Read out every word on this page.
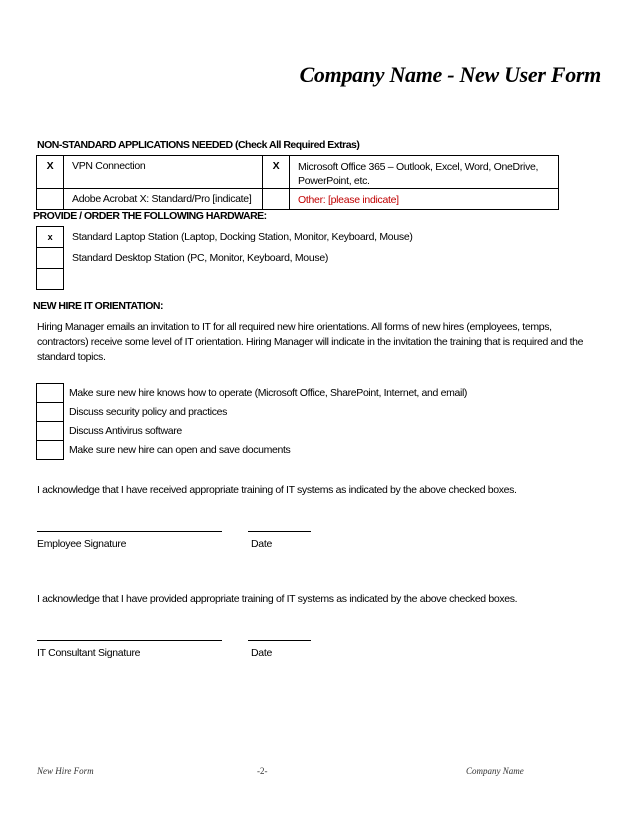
Company Name - New User Form
NON-STANDARD APPLICATIONS NEEDED (Check All Required Extras)
X	VPN Connection	X	Microsoft Office 365 – Outlook, Excel, Word, OneDrive, PowerPoint, etc.
	Adobe Acrobat X: Standard/Pro [indicate]		Other: [please indicate]
PROVIDE / ORDER THE FOLLOWING HARDWARE:
x	Standard Laptop Station (Laptop, Docking Station, Monitor, Keyboard, Mouse)
	Standard Desktop Station (PC, Monitor, Keyboard, Mouse)

NEW HIRE IT ORIENTATION:
Hiring Manager emails an invitation to IT for all required new hire orientations. All forms of new hires (employees, temps, contractors) receive some level of IT orientation. Hiring Manager will indicate in the invitation the training that is required and the standard topics.
	Make sure new hire knows how to operate (Microsoft Office, SharePoint, Internet, and email)
	Discuss security policy and practices
	Discuss Antivirus software
	Make sure new hire can open and save documents
I acknowledge that I have received appropriate training of IT systems as indicated by the above checked boxes.
Employee Signature	Date
I acknowledge that I have provided appropriate training of IT systems as indicated by the above checked boxes.
IT Consultant Signature	Date
New Hire Form	-2-	Company Name
